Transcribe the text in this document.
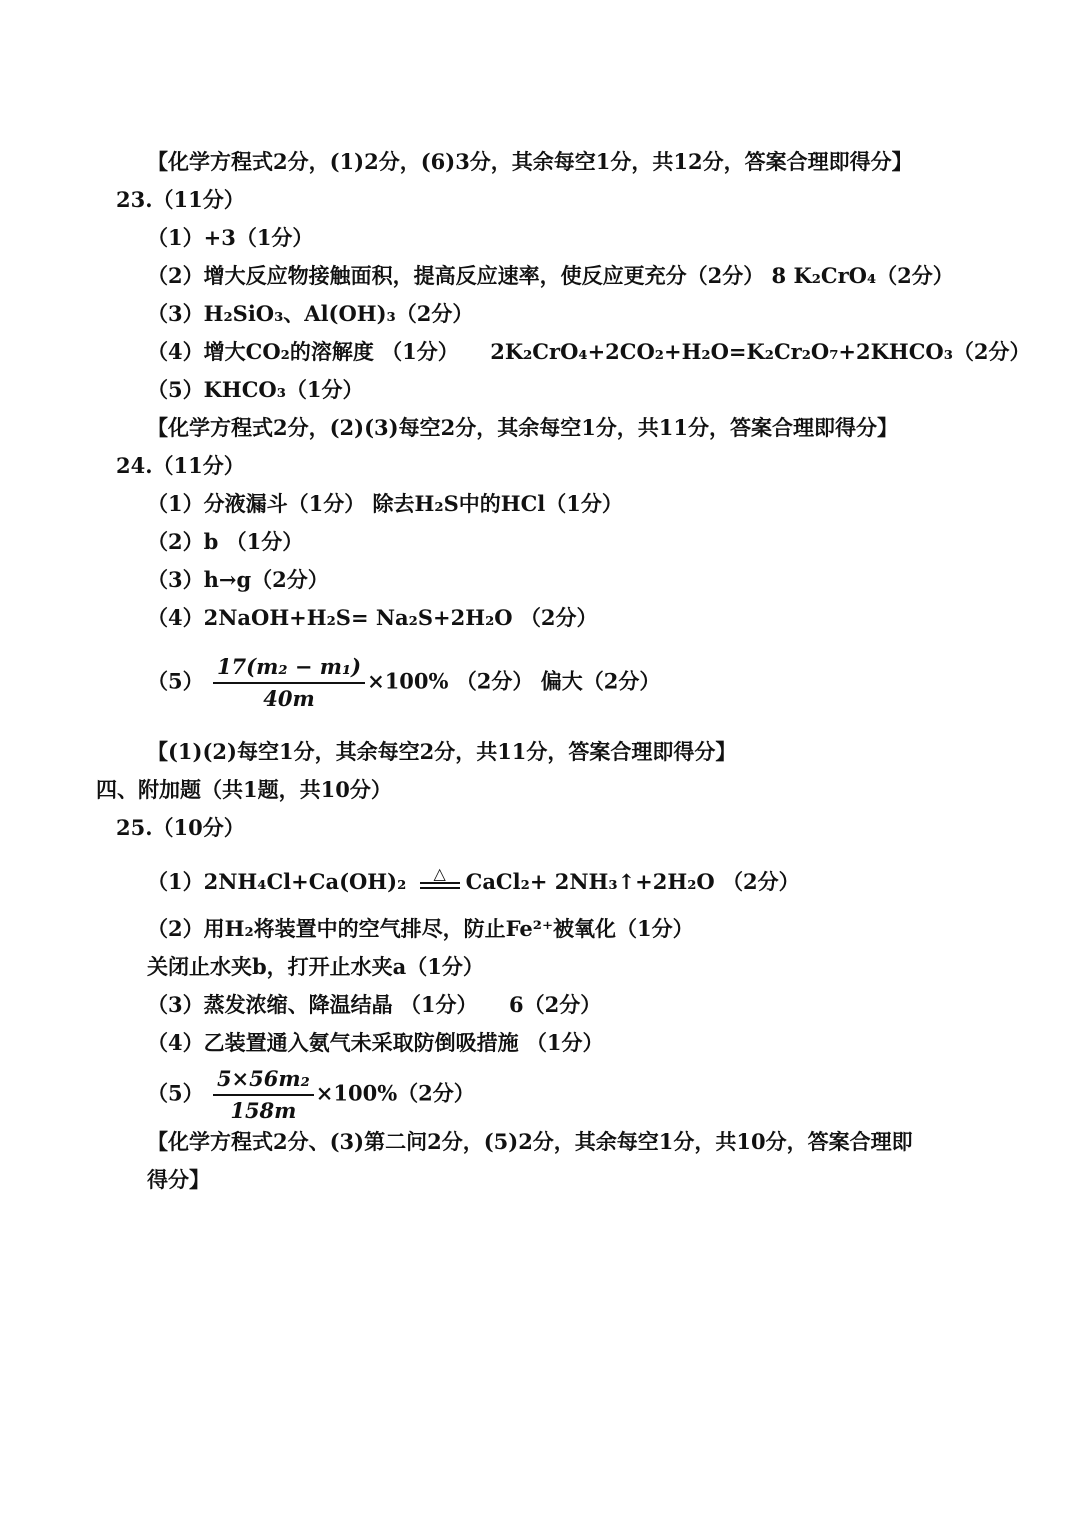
【化学方程式2分，(1)2分，(6)3分，其余每空1分，共12分，答案合理即得分】
23.（11分）
（1）+3（1分）
（2）增大反应物接触面积，提高反应速率，使反应更充分（2分） 8 K₂CrO₄（2分）
（3）H₂SiO₃、Al(OH)₃（2分）
（4）增大CO₂的溶解度 （1分）　　2K₂CrO₄+2CO₂+H₂O=K₂Cr₂O₇+2KHCO₃（2分）
（5）KHCO₃（1分）
【化学方程式2分，(2)(3)每空2分，其余每空1分，共11分，答案合理即得分】
24.（11分）
（1）分液漏斗（1分） 除去H₂S中的HCl（1分）
（2）b （1分）
（3）h→g（2分）
（4）2NaOH+H₂S= Na₂S+2H₂O （2分）
$(5) \frac{\text{17(m₂ − m₁)}}{40m} \times 100\%$ （2分） 偏大（2分）
【(1)(2)每空1分，其余每空2分，共11分，答案合理即得分】
四、附加题（共1题，共10分）
25.（10分）
（1）2NH₄Cl+Ca(OH)₂	△ CaCl₂+ 2NH₃↑+2H₂O （2分）
（2）用H₂将装置中的空气排尽，防止Fe²⁺被氧化（1分）
关闭止水夹b，打开止水夹a（1分）
（3）蒸发浓缩、降温结晶 （1分）　　6（2分）
（4）乙装置通入氨气未采取防倒吸措施 （1分）
$(5) \frac{\text{5×56m₂}}{158m} \times 100\%(2$分）
【化学方程式2分、(3)第二问2分，(5)2分，其余每空1分，共10分，答案合理即
得分】
